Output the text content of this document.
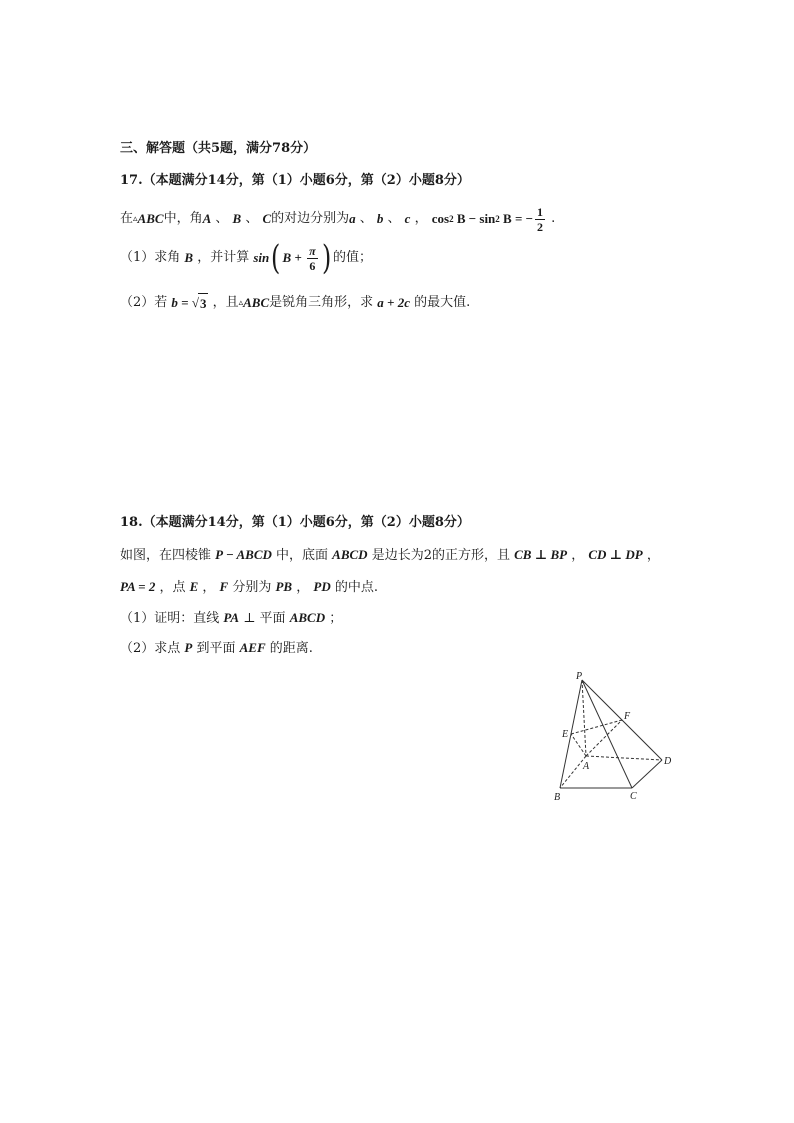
三、解答题（共5题，满分78分）
17.（本题满分14分，第（1）小题6分，第（2）小题8分）
在 ▵ ABC 中，角 A 、 B 、 C 的对边分别为 a 、 b 、 c ， cos 2 B − sin 2 B = − $\frac{1}{2}$ .
（1）求角 B ，并计算 sin ( $B + \frac{\pi}{6}$ ) 的值；
（2）若 b = √ 3 ，且 ▵ ABC 是锐角三角形，求 a + 2c 的最大值.
18.（本题满分14分，第（1）小题6分，第（2）小题8分）
如图，在四棱锥 P − ABCD 中，底面 ABCD 是边长为2的正方形，且 CB ⊥ BP ， CD ⊥ DP ，
PA = 2 ，点 E ， F 分别为 PB ， PD 的中点.
（1）证明：直线 PA ⊥ 平面 ABCD ；
（2）求点 P 到平面 AEF 的距离.
P
F
E
A	D
B	C
